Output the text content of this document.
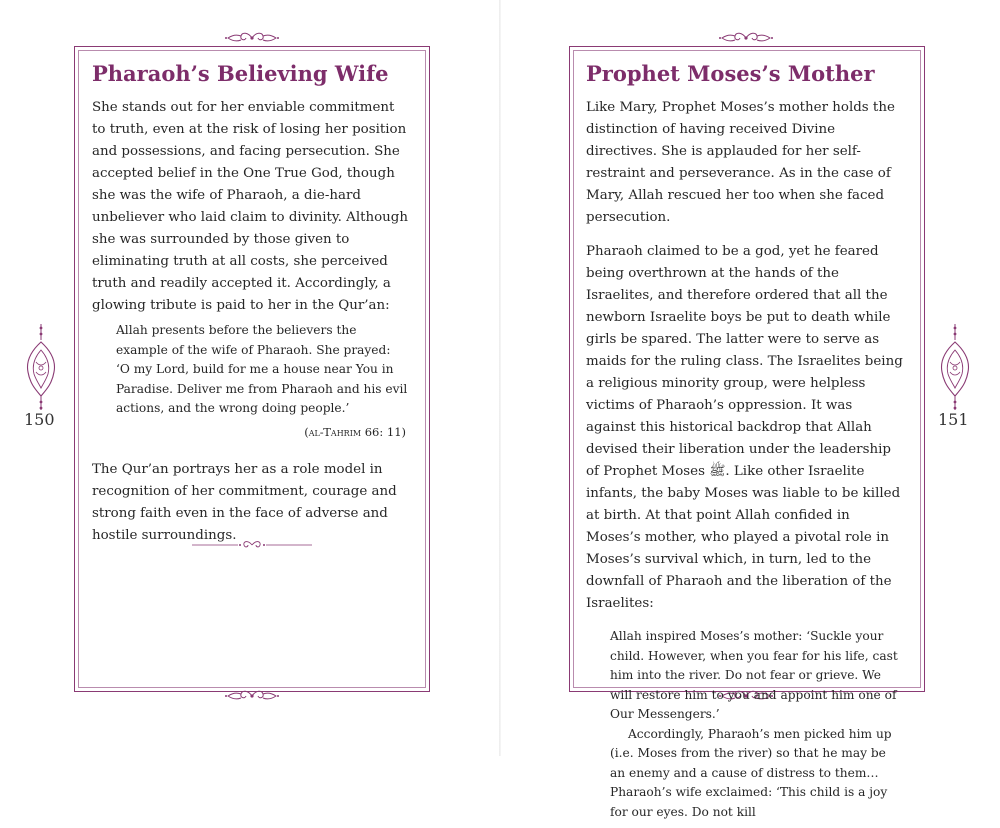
150
Pharaoh’s Believing Wife

She stands out for her enviable commitment to truth, even at the risk of losing her position and possessions, and facing persecution. She accepted belief in the One True God, though she was the wife of Pharaoh, a die-hard unbeliever who laid claim to divinity. Although she was surrounded by those given to eliminating truth at all costs, she perceived truth and readily accepted it. Accordingly, a glowing tribute is paid to her in the Qur’an:

Allah presents before the believers the example of the wife of Pharaoh. She prayed: ‘O my Lord, build for me a house near You in Paradise. Deliver me from Pharaoh and his evil actions, and the wrong doing people.’

(al-Tahrim 66: 11)

The Qur’an portrays her as a role model in recognition of her commitment, courage and strong faith even in the face of adverse and hostile surroundings.

151
Prophet Moses’s Mother

Like Mary, Prophet Moses’s mother holds the distinction of having received Divine directives. She is applauded for her self-restraint and perseverance. As in the case of Mary, Allah rescued her too when she faced persecution.

Pharaoh claimed to be a god, yet he feared being overthrown at the hands of the Israelites, and therefore ordered that all the newborn Israelite boys be put to death while girls be spared. The latter were to serve as maids for the ruling class. The Israelites being a religious minority group, were helpless victims of Pharaoh’s oppression. It was against this historical backdrop that Allah devised their liberation under the leadership of Prophet Moses ﷺ. Like other Israelite infants, the baby Moses was liable to be killed at birth. At that point Allah confided in Moses’s mother, who played a pivotal role in Moses’s survival which, in turn, led to the downfall of Pharaoh and the liberation of the Israelites:

Allah inspired Moses’s mother: ‘Suckle your child. However, when you fear for his life, cast him into the river. Do not fear or grieve. We will restore him to you and appoint him one of Our Messengers.’
Accordingly, Pharaoh’s men picked him up (i.e. Moses from the river) so that he may be an enemy and a cause of distress to them… Pharaoh’s wife exclaimed: ‘This child is a joy for our eyes. Do not kill
